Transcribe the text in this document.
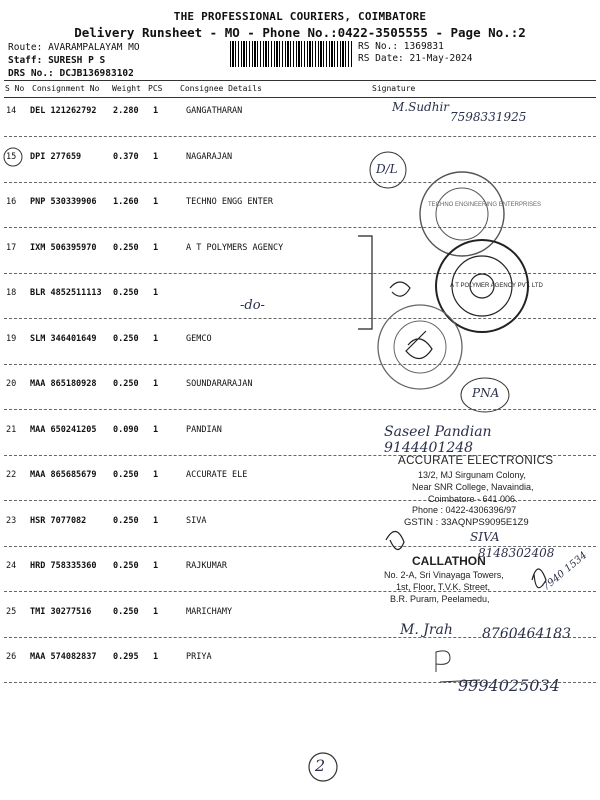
THE PROFESSIONAL COURIERS, COIMBATORE
Delivery Runsheet - MO - Phone No.:0422-3505555 - Page No.:2
Route: AVARAMPALAYAM MO
Staff: SURESH P S
DRS No.: DCJB136983102
RS No.: 1369831
RS Date: 21-May-2024
S No Consignment No Weight PCS Consignee Details	Signature
14 DEL 121262792 2.280 1	GANGATHARAN
15 DPI 277659	0.370 1	NAGARAJAN
16 PNP 530339906 1.260 1	TECHNO ENGG ENTER
17 IXM 506395970 0.250 1	A T POLYMERS AGENCY
18 BLR 4852511113 0.250 1
19 SLM 346401649 0.250 1	GEMCO
20 MAA 865180928 0.250 1	SOUNDARARAJAN
21 MAA 650241205 0.090 1	PANDIAN
22 MAA 865685679 0.250 1	ACCURATE ELE
23 HSR 7077082	0.250 1	SIVA
24 HRD 758335360 0.250 1	RAJKUMAR
25 TMI 30277516	0.250 1	MARICHAMY
26 MAA 574082837 0.295 1	PRIYA
M.Sudhir
7598331925
D/L
-do-
PNA
Saseel Pandian
9144401248
SIVA
8148302408
7940 1534
M. Jrah 8760464183
9994025034
2
ACCURATE ELECTRONICS
13/2, MJ Sirgunam Colony,
Near SNR College, Navaindia,
Coimbatore - 641 006.
Phone : 0422-4306396/97
GSTIN : 33AQNPS9095E1Z9
CALLATHON
No. 2-A, Sri Vinayaga Towers,
1st, Floor, T.V.K. Street,
B.R. Puram, Peelamedu,
TECHNO ENGINEERING ENTERPRISES
A T POLYMER AGENCY PVT. LTD
